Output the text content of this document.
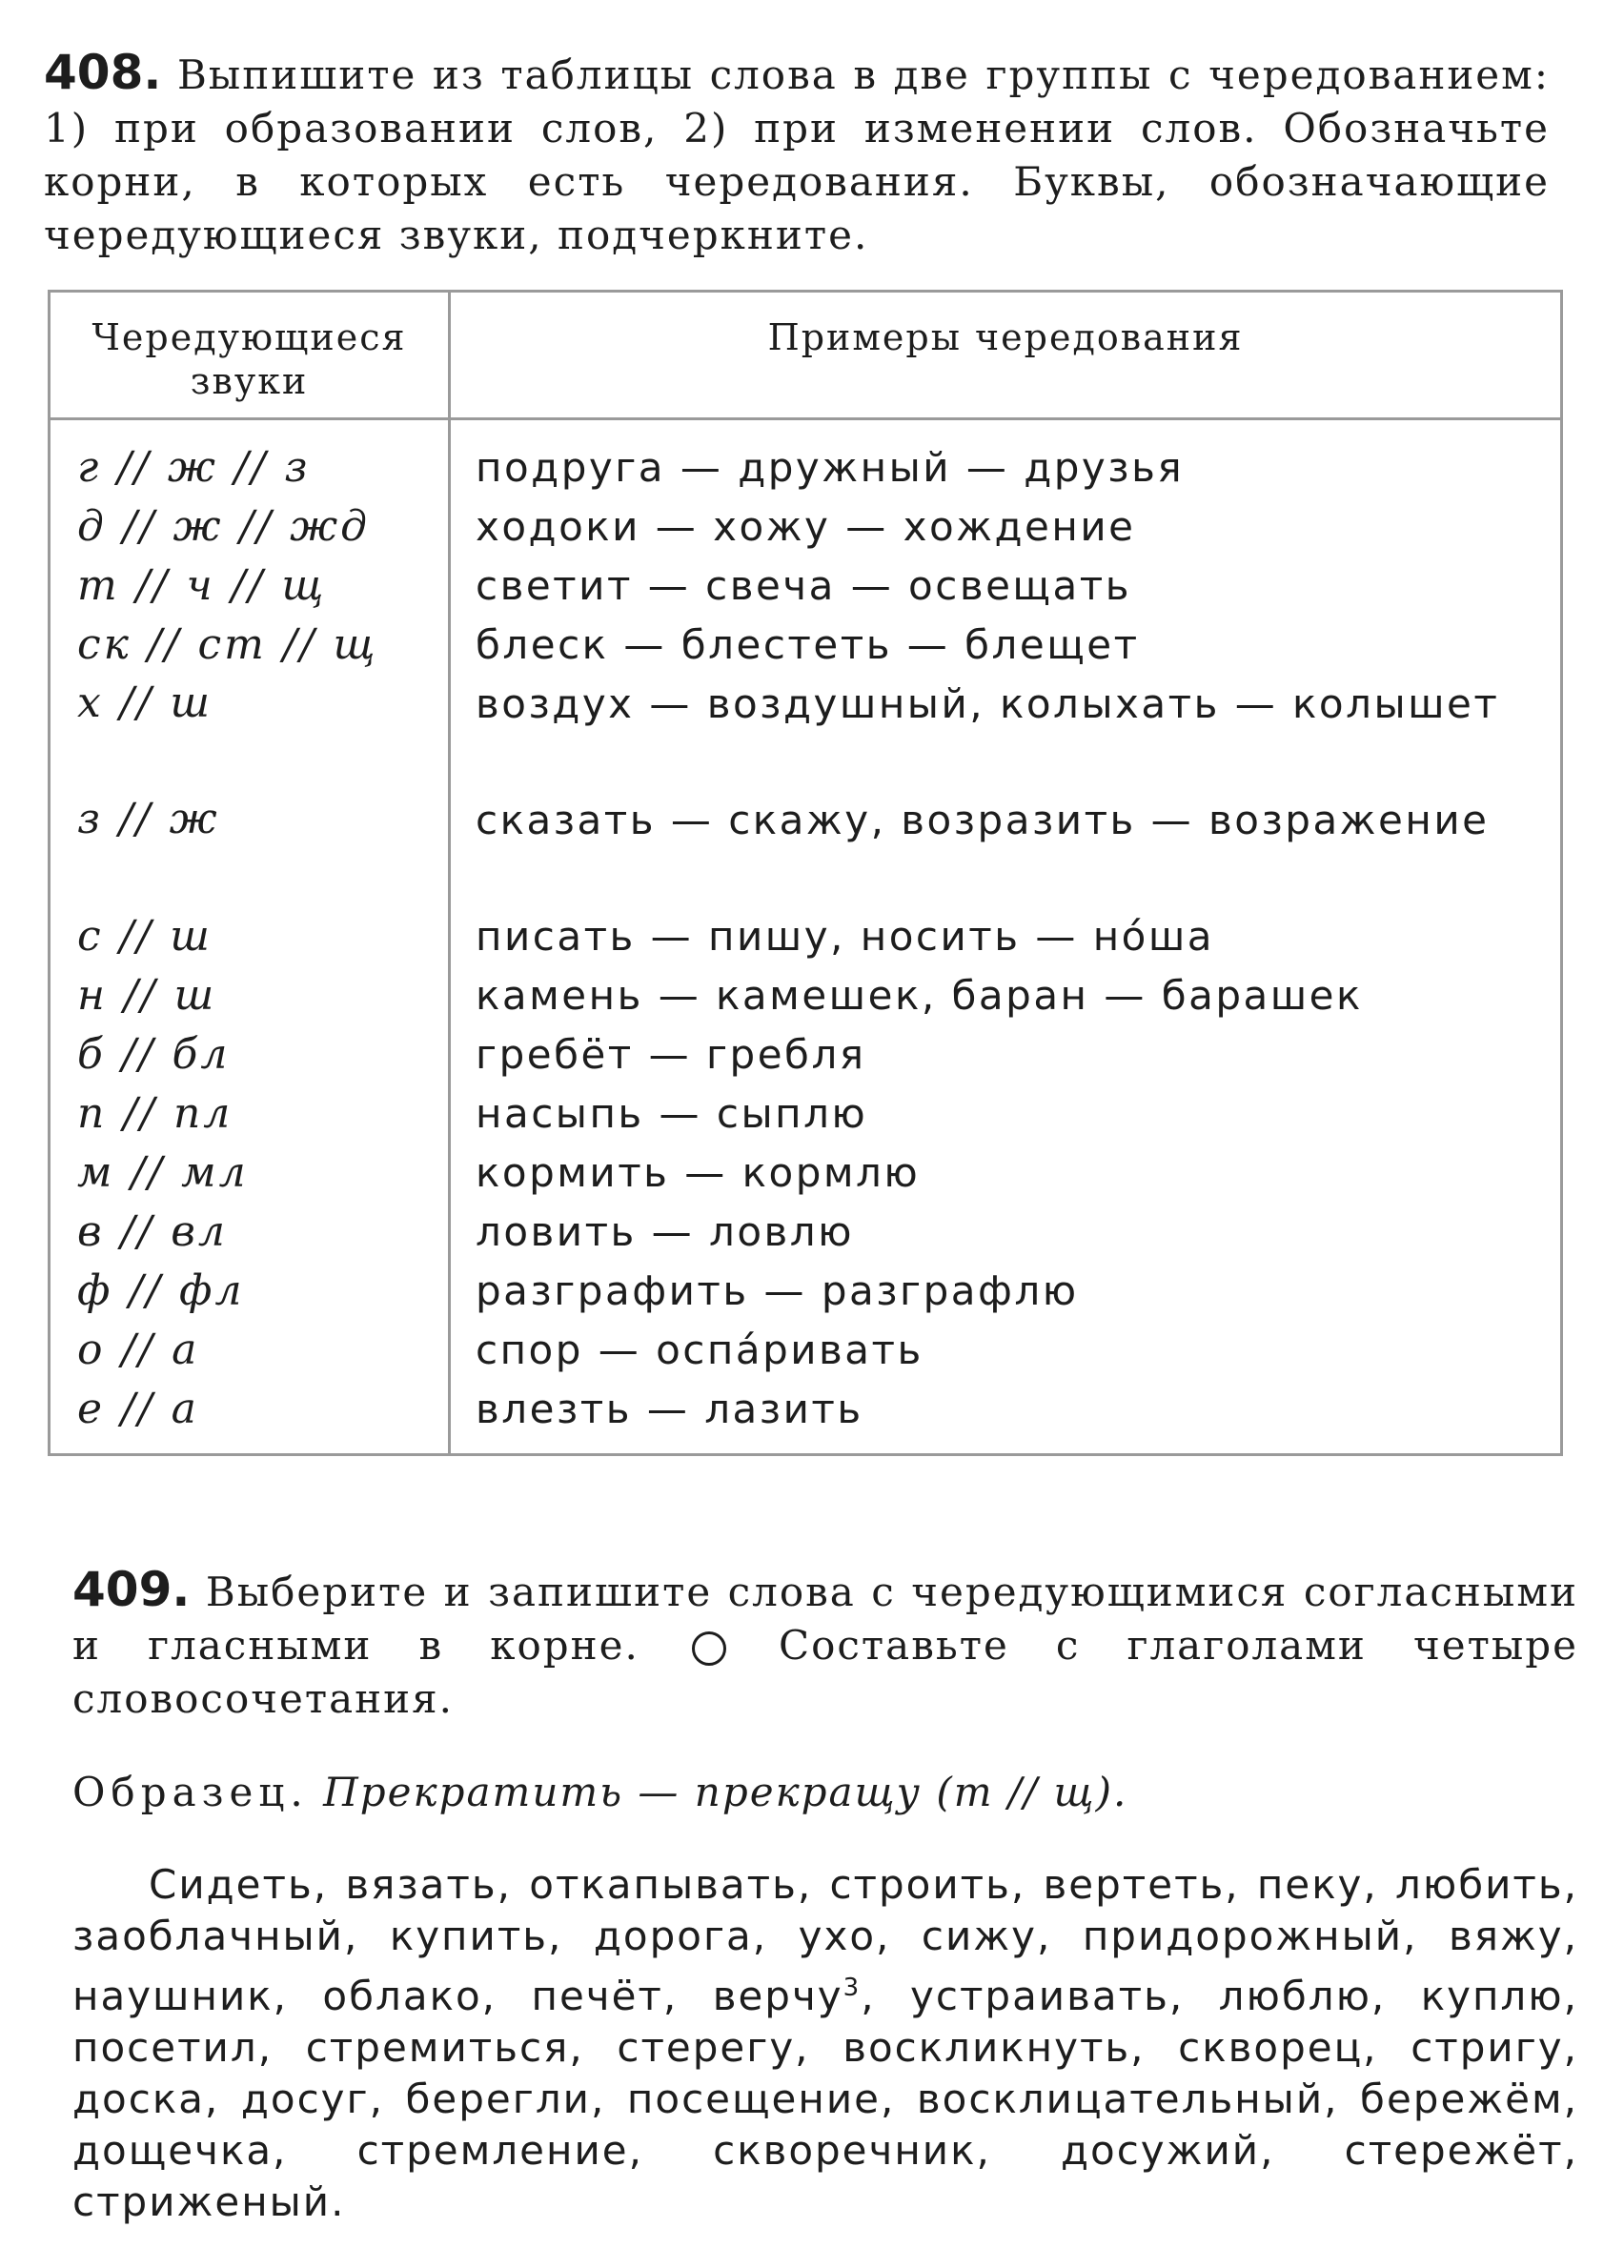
408. Выпишите из таблицы слова в две группы с чередованием: 1) при образовании слов, 2) при изменении слов. Обозначьте корни, в которых есть чередования. Буквы, обозначающие чередующиеся звуки, подчеркните.

Чередующиеся звуки	Примеры чередования
г // ж // з	подруга — дружный — друзья
д // ж // жд	ходоки — хожу — хождение
т // ч // щ	светит — свеча — освещать
ск // ст // щ	блеск — блестеть — блещет
х // ш	воздух — воздушный, колыхать — колышет
з // ж	сказать — скажу, возразить — возражение
с // ш	писать — пишу, носить — но́ша
н // ш	камень — камешек, баран — барашек
б // бл	гребёт — гребля
п // пл	насыпь — сыплю
м // мл	кормить — кормлю
в // вл	ловить — ловлю
ф // фл	разграфить — разграфлю
о // а	спор — оспа́ривать
е // а	влезть — лазить

409. Выберите и запишите слова с чередующимися согласными и гласными в корне.	Составьте с глаголами четыре словосочетания.

Образец. Прекратить — прекращу (т // щ).

Сидеть, вязать, откапывать, строить, вертеть, пеку, любить, заоблачный, купить, дорога, ухо, сижу, придорожный, вяжу, наушник, облако, печёт, верчу$^3$, устраивать, люблю, куплю, посетил, стремиться, стерегу, воскликнуть, скворец, стригу, доска, досуг, берегли, посещение, восклицательный, бережём, дощечка, стремление, скворечник, досужий, стережёт, стриженый.
